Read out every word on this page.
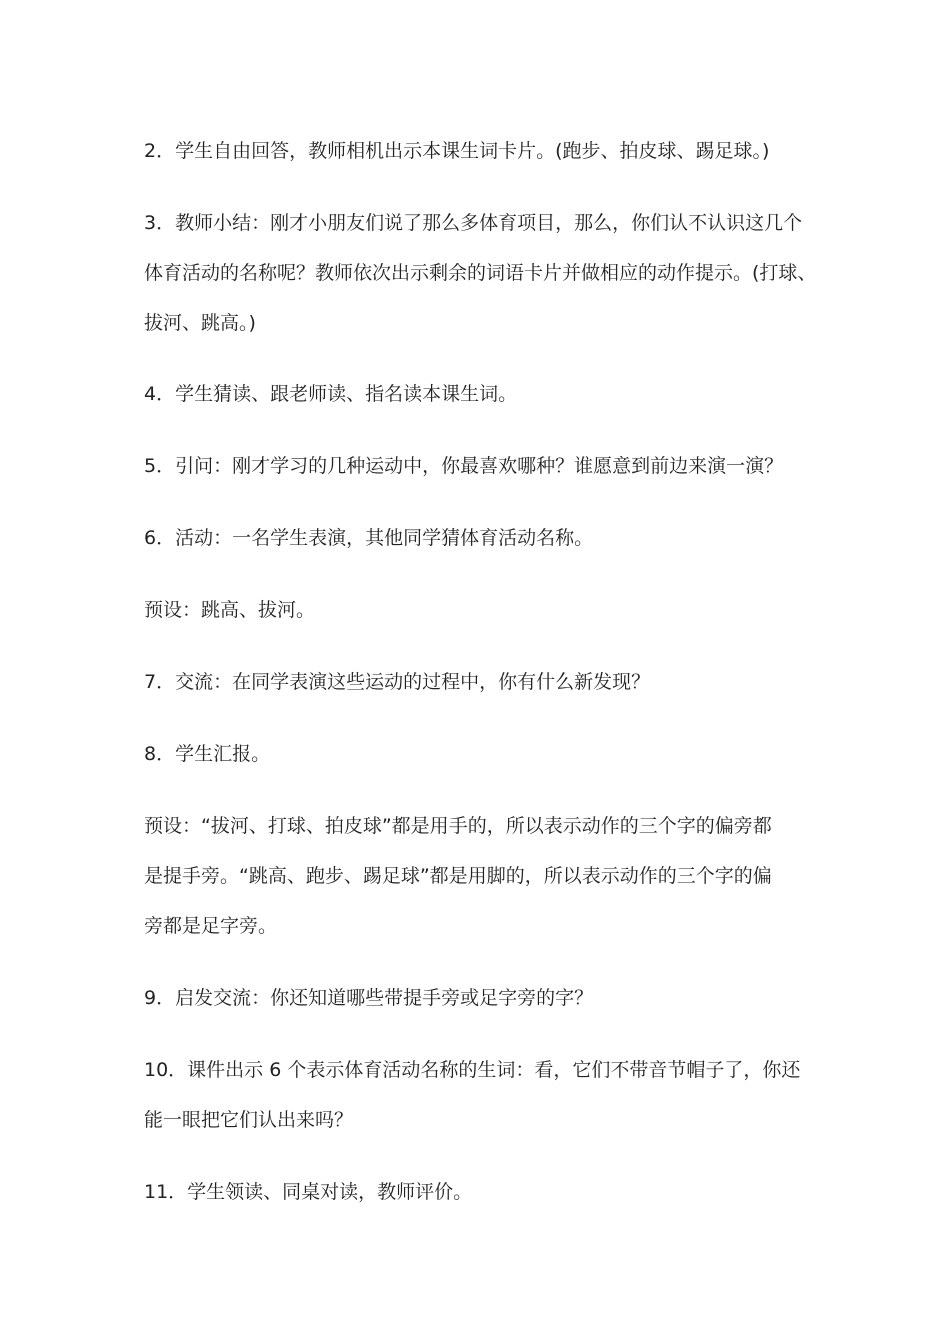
2．学生自由回答，教师相机出示本课生词卡片。(跑步、拍皮球、踢足球。)
3．教师小结：刚才小朋友们说了那么多体育项目，那么，你们认不认识这几个
体育活动的名称呢？教师依次出示剩余的词语卡片并做相应的动作提示。(打球、
拔河、跳高。)
4．学生猜读、跟老师读、指名读本课生词。
5．引问：刚才学习的几种运动中，你最喜欢哪种？谁愿意到前边来演一演？
6．活动：一名学生表演，其他同学猜体育活动名称。
预设：跳高、拔河。
7．交流：在同学表演这些运动的过程中，你有什么新发现？
8．学生汇报。
预设：“拔河、打球、拍皮球”都是用手的，所以表示动作的三个字的偏旁都
是提手旁。“跳高、跑步、踢足球”都是用脚的，所以表示动作的三个字的偏
旁都是足字旁。
9．启发交流：你还知道哪些带提手旁或足字旁的字？
10．课件出示 6 个表示体育活动名称的生词：看，它们不带音节帽子了，你还
能一眼把它们认出来吗？
11．学生领读、同桌对读，教师评价。
